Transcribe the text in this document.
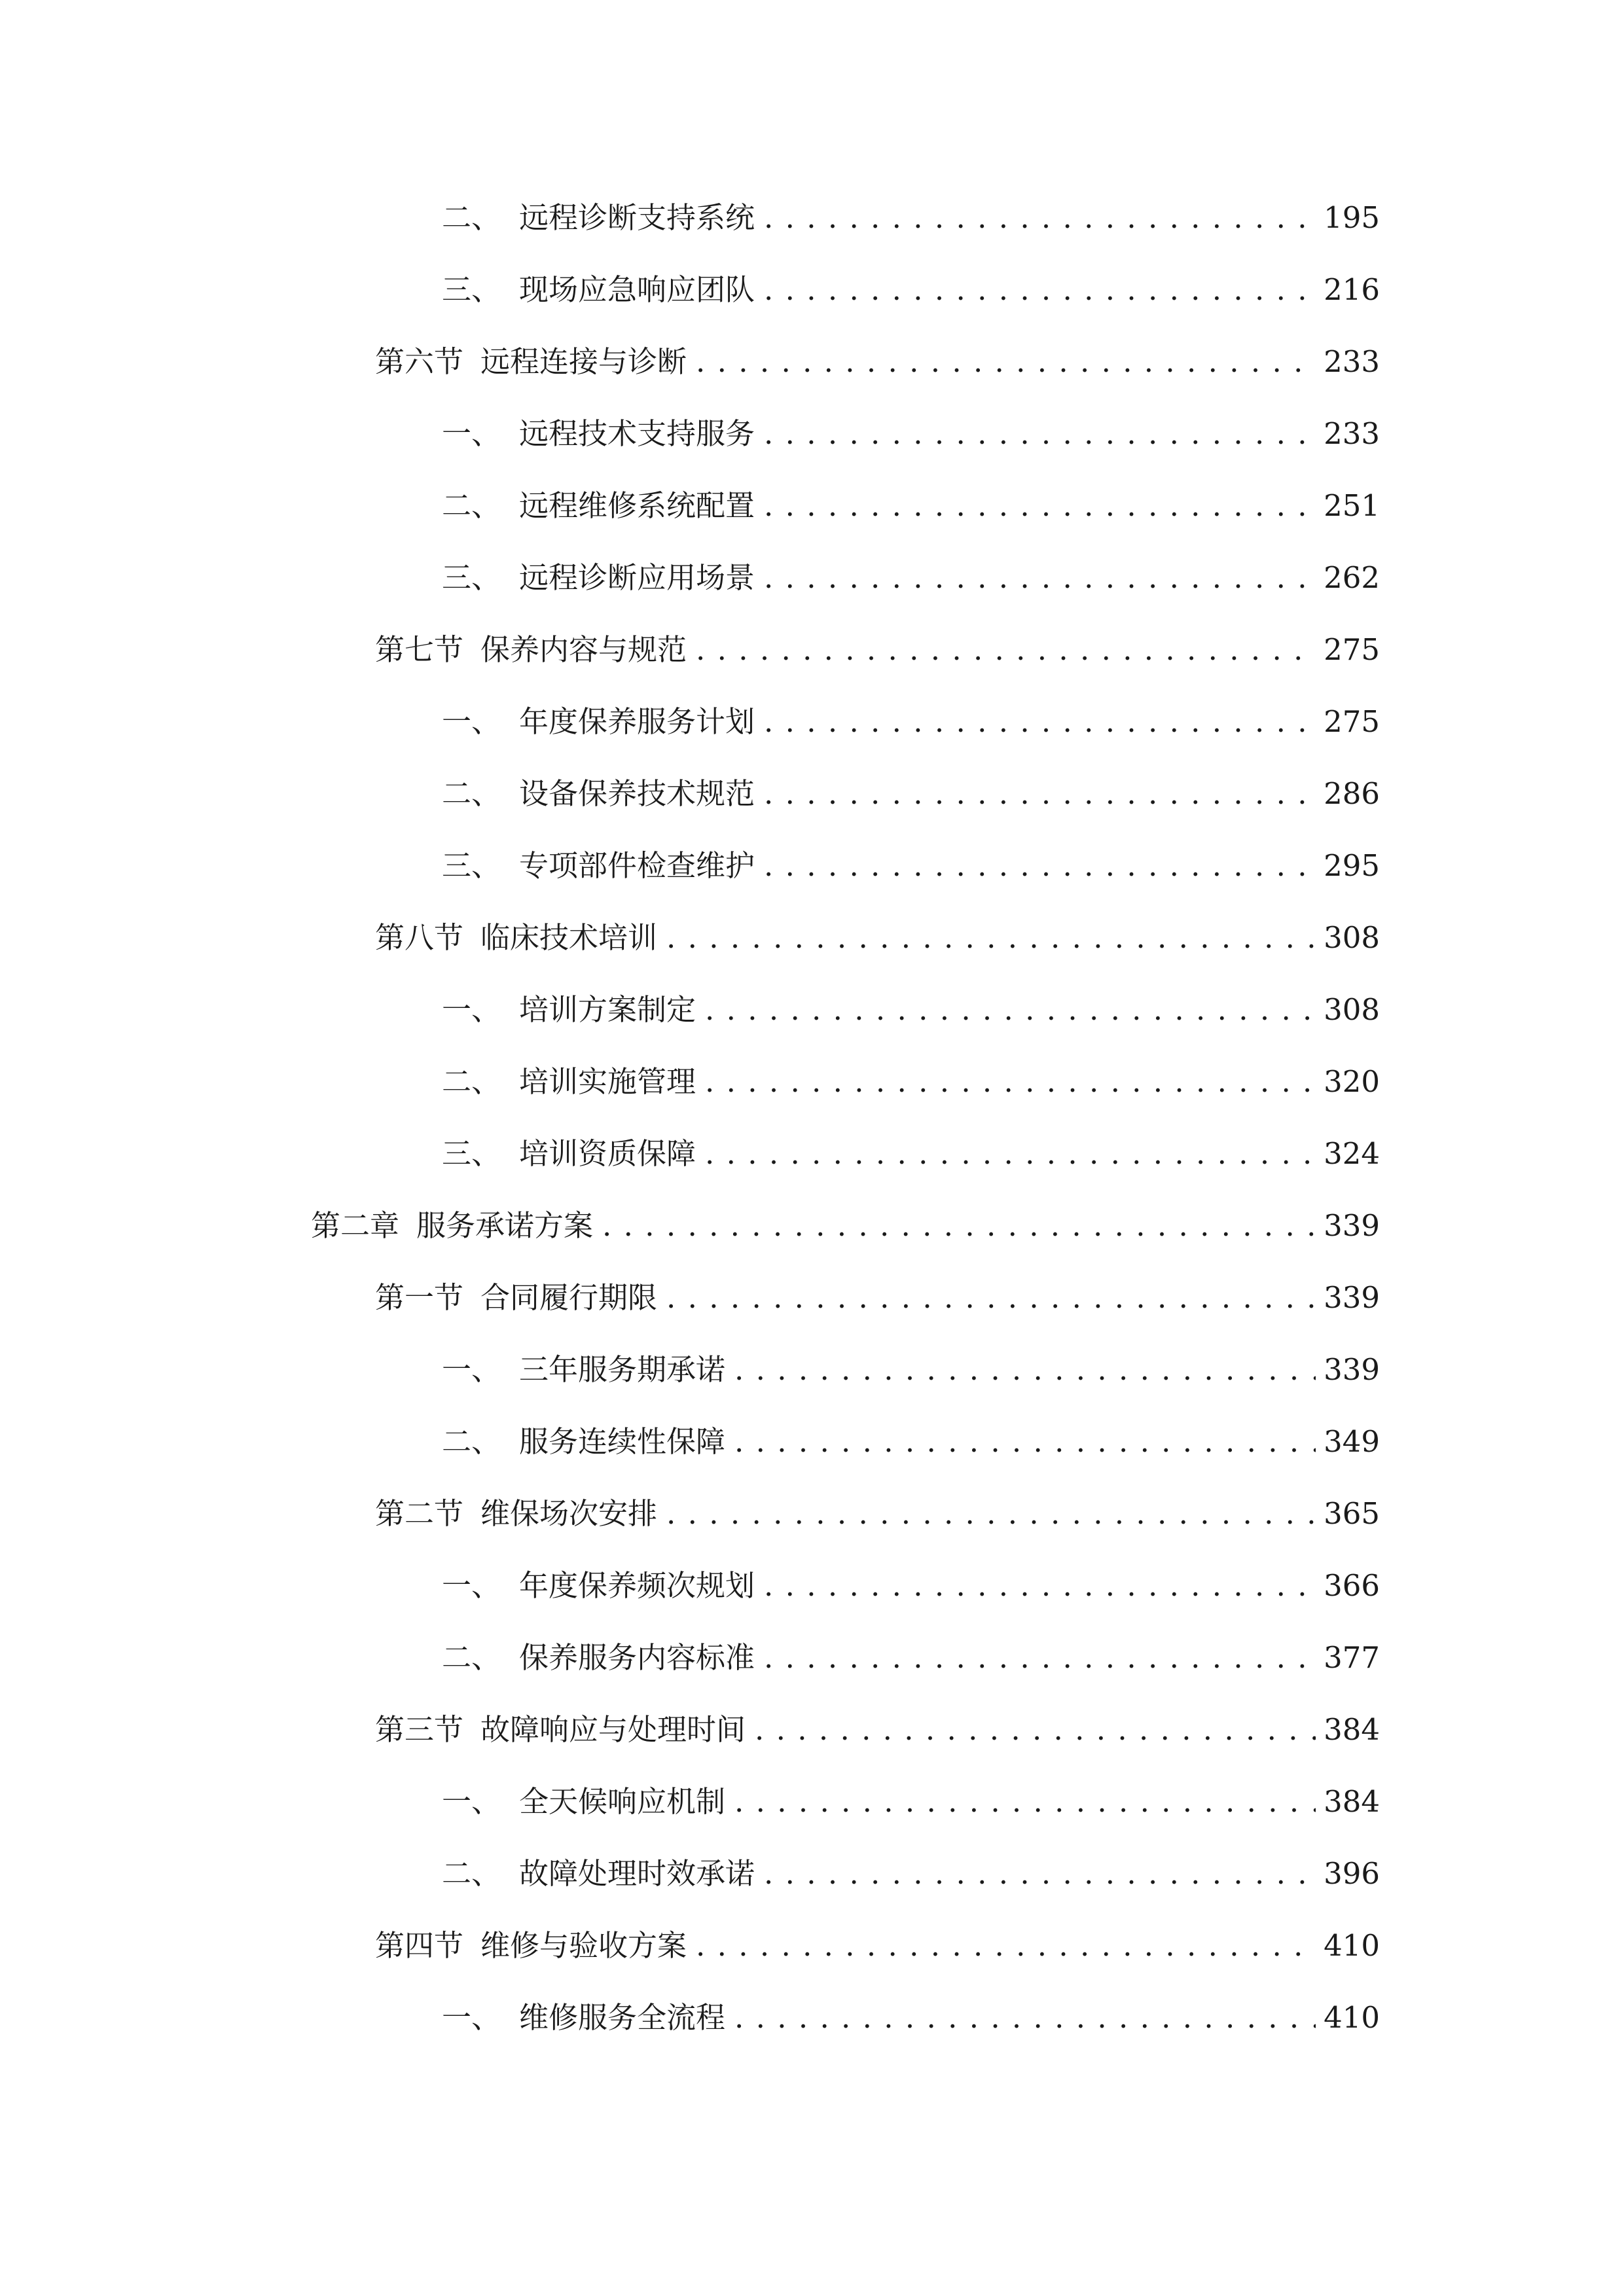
二、 远程诊断支持系统 . . .	195
三、 现场应急响应团队 . . .	216
第六节 远程连接与诊断 . . .	233
一、 远程技术支持服务 . . .	233
二、 远程维修系统配置 . . .	251
三、 远程诊断应用场景 . . .	262
第七节 保养内容与规范 . . .	275
一、 年度保养服务计划 . . .	275
二、 设备保养技术规范 . . .	286
三、 专项部件检查维护 . . .	295
第八节 临床技术培训 . . .	308
一、 培训方案制定 . . .	308
二、 培训实施管理 . . .	320
三、 培训资质保障 . . .	324
第二章 服务承诺方案 . . .	339
第一节 合同履行期限 . . .	339
一、 三年服务期承诺 . . .	339
二、 服务连续性保障 . . .	349
第二节 维保场次安排 . . .	365
一、 年度保养频次规划 . . .	366
二、 保养服务内容标准 . . .	377
第三节 故障响应与处理时间 . . .	384
一、 全天候响应机制 . . .	384
二、 故障处理时效承诺 . . .	396
第四节 维修与验收方案 . . .	410
一、 维修服务全流程 . . .	410
